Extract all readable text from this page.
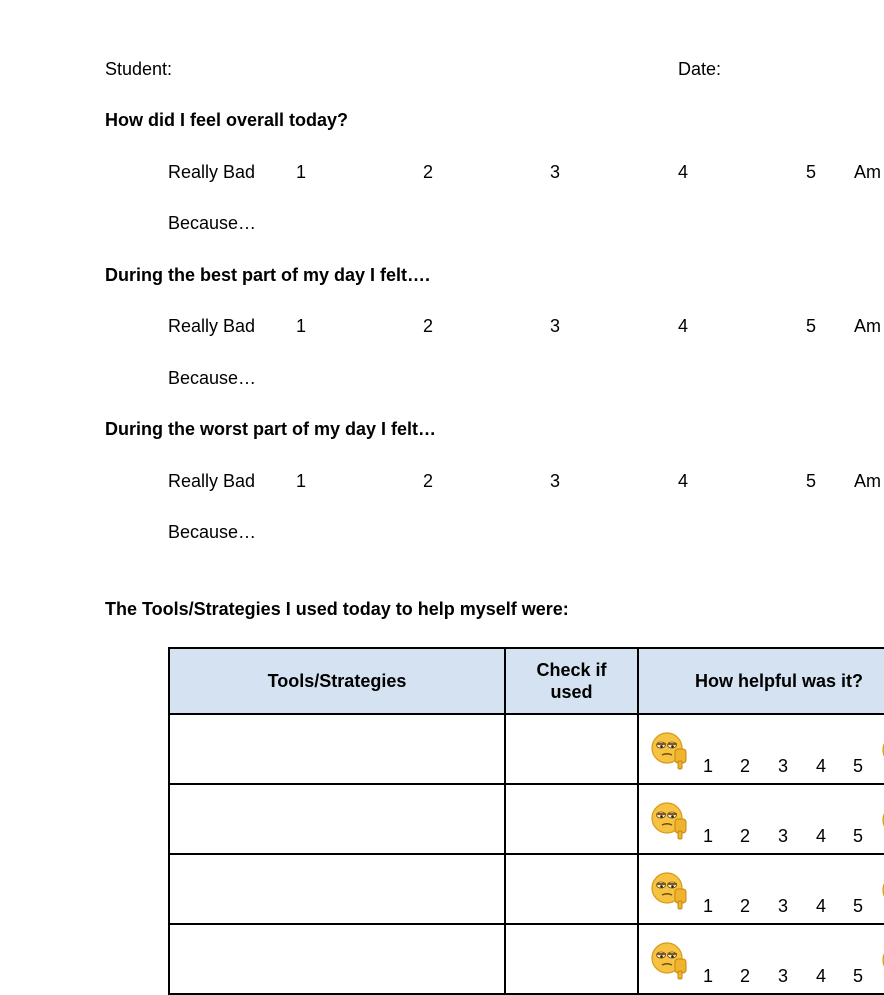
Student:	Date:
How did I feel overall today?
Really Bad 1	2	3	4	5 Am
Because…
During the best part of my day I felt….
Really Bad 1	2	3	4	5 Am
Because…
During the worst part of my day I felt…
Really Bad 1	2	3	4	5 Am
Because…
The Tools/Strategies I used today to help myself were:
Tools/Strategies	Check if used	How helpful was it?

		1 2 3 4 5

		1 2 3 4 5

		1 2 3 4 5

		1 2 3 4 5
